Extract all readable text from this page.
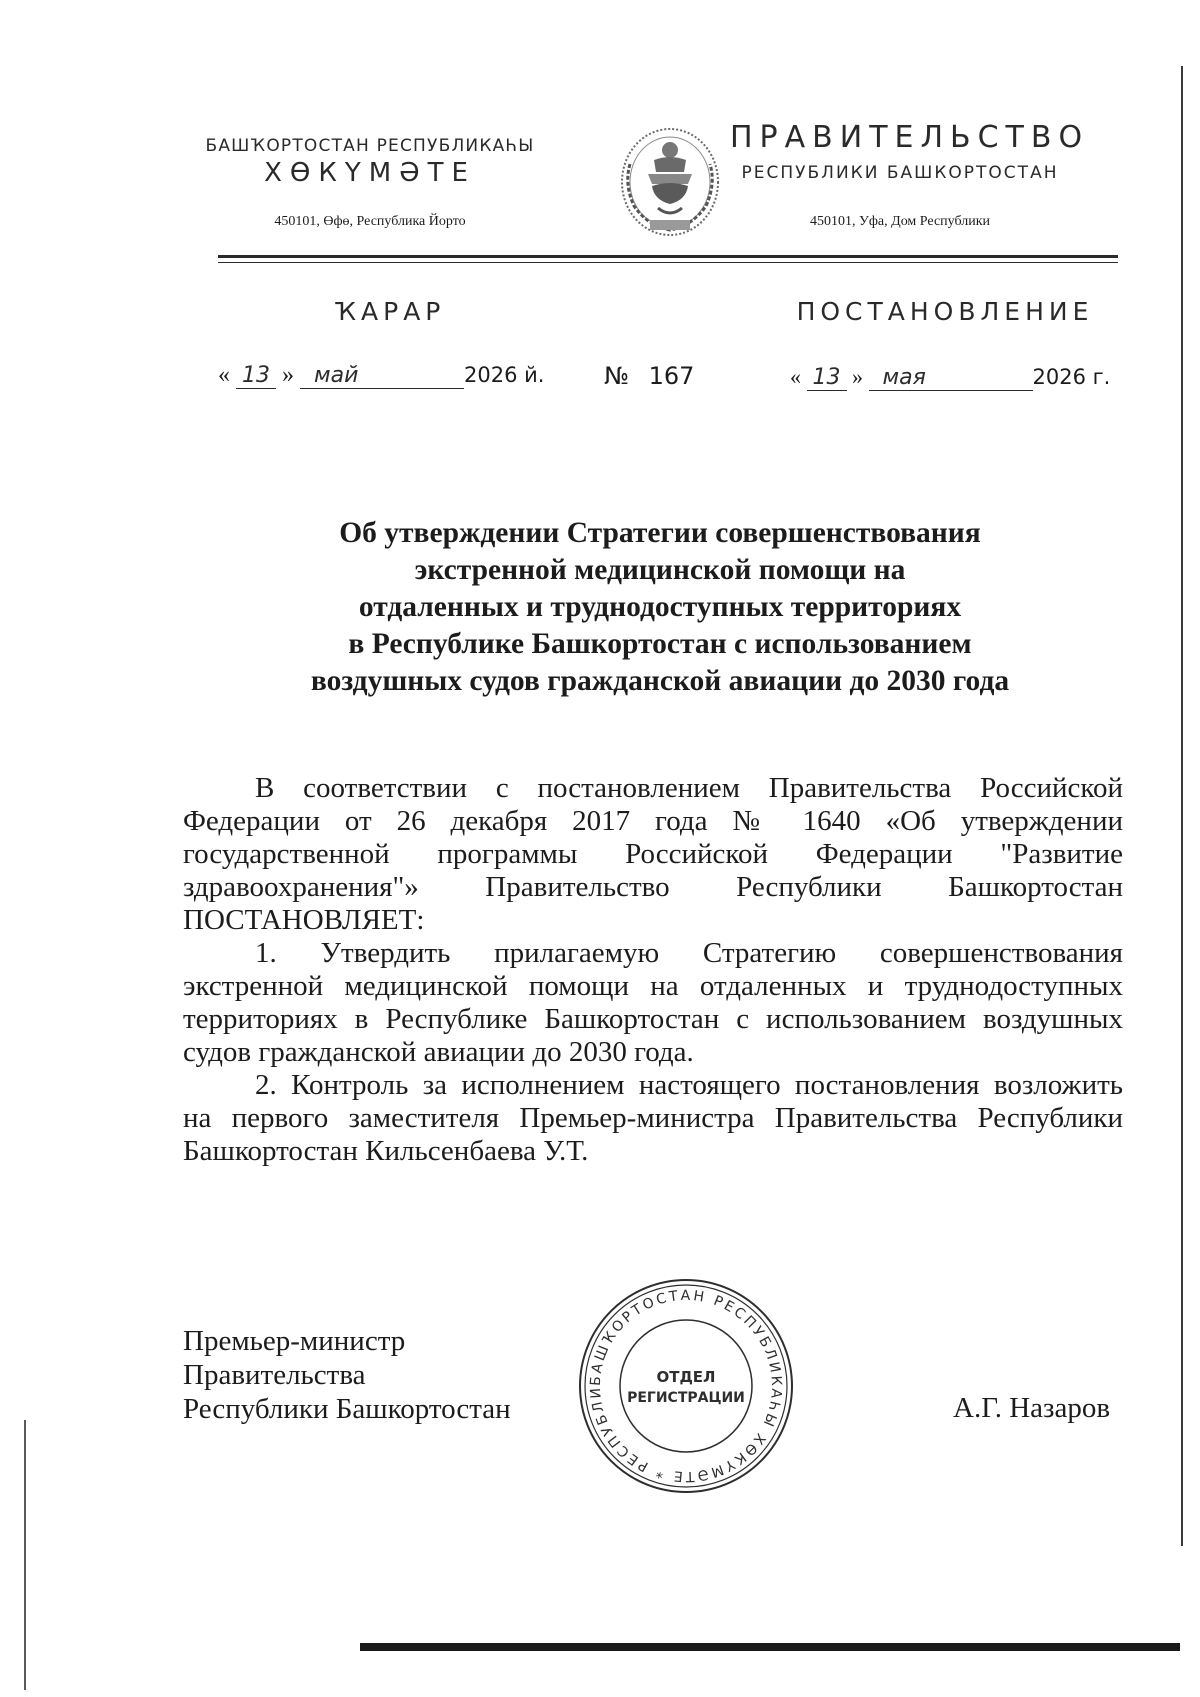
БАШҠОРТОСТАН РЕСПУБЛИКАҺЫ
ХӨКҮМӘТЕ
450101, Өфө, Республика Йорто
ПРАВИТЕЛЬСТВО
РЕСПУБЛИКИ БАШКОРТОСТАН
450101, Уфа, Дом Республики
ҠАРАР	ПОСТАНОВЛЕНИЕ
« 13 » май	2026 й. № 167	« 13 » мая	2026 г.
Об утверждении Стратегии совершенствования
экстренной медицинской помощи на
отдаленных и труднодоступных территориях
в Республике Башкортостан с использованием
воздушных судов гражданской авиации до 2030 года
В соответствии с постановлением Правительства Российской
Федерации от 26 декабря 2017 года № 1640 «Об утверждении
государственной программы Российской Федерации "Развитие
здравоохранения"» Правительство Республики Башкортостан
ПОСТАНОВЛЯЕТ:
1. Утвердить прилагаемую Стратегию совершенствования
экстренной медицинской помощи на отдаленных и труднодоступных
территориях в Республике Башкортостан с использованием воздушных
судов гражданской авиации до 2030 года.
2. Контроль за исполнением настоящего постановления возложить
на первого заместителя Премьер-министра Правительства Республики
Башкортостан Кильсенбаева У.Т.
Премьер-министр
Правительства
Республики Башкортостан	А.Г. Назаров
БАШҠОРТОСТАН РЕСПУБЛИКАҺЫ ХӨКҮМӘТЕ * РЕСПУБЛИ
ОТДЕЛ
РЕГИСТРАЦИИ
